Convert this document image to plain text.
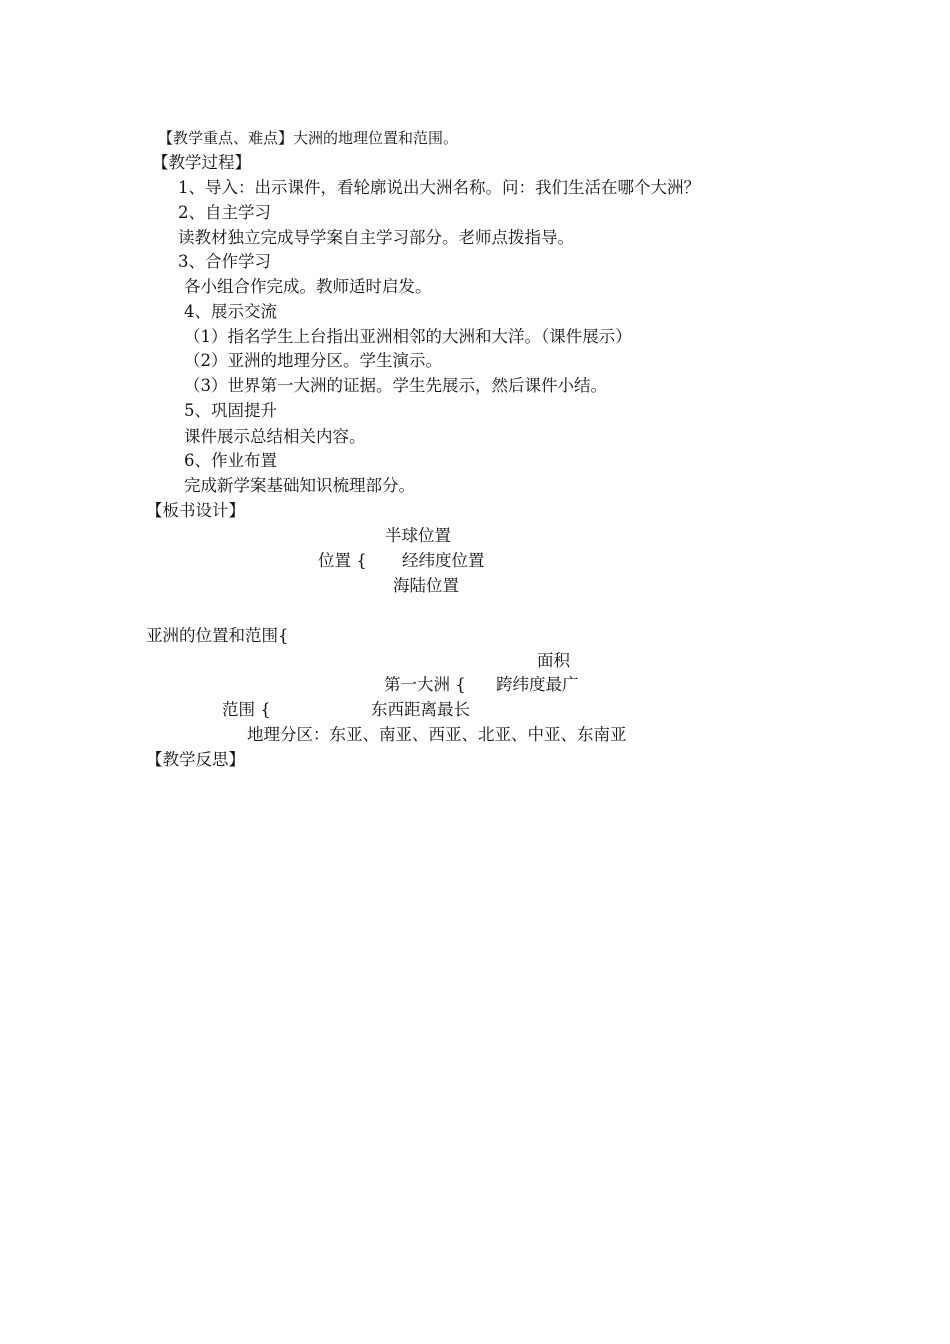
【教学重点、难点】大洲的地理位置和范围。
【教学过程】
1、导入：出示课件，看轮廓说出大洲名称。问：我们生活在哪个大洲？
2、自主学习
读教材独立完成导学案自主学习部分。老师点拨指导。
3、合作学习
各小组合作完成。教师适时启发。
4、展示交流
（1）指名学生上台指出亚洲相邻的大洲和大洋。（课件展示）
（2）亚洲的地理分区。学生演示。
（3）世界第一大洲的证据。学生先展示，然后课件小结。
5、巩固提升
课件展示总结相关内容。
6、作业布置
完成新学案基础知识梳理部分。
【板书设计】
半球位置
位置 { 经纬度位置
海陆位置
亚洲的位置和范围{
面积
第一大洲 { 跨纬度最广
范围 {	东西距离最长
地理分区：东亚、南亚、西亚、北亚、中亚、东南亚
【教学反思】
